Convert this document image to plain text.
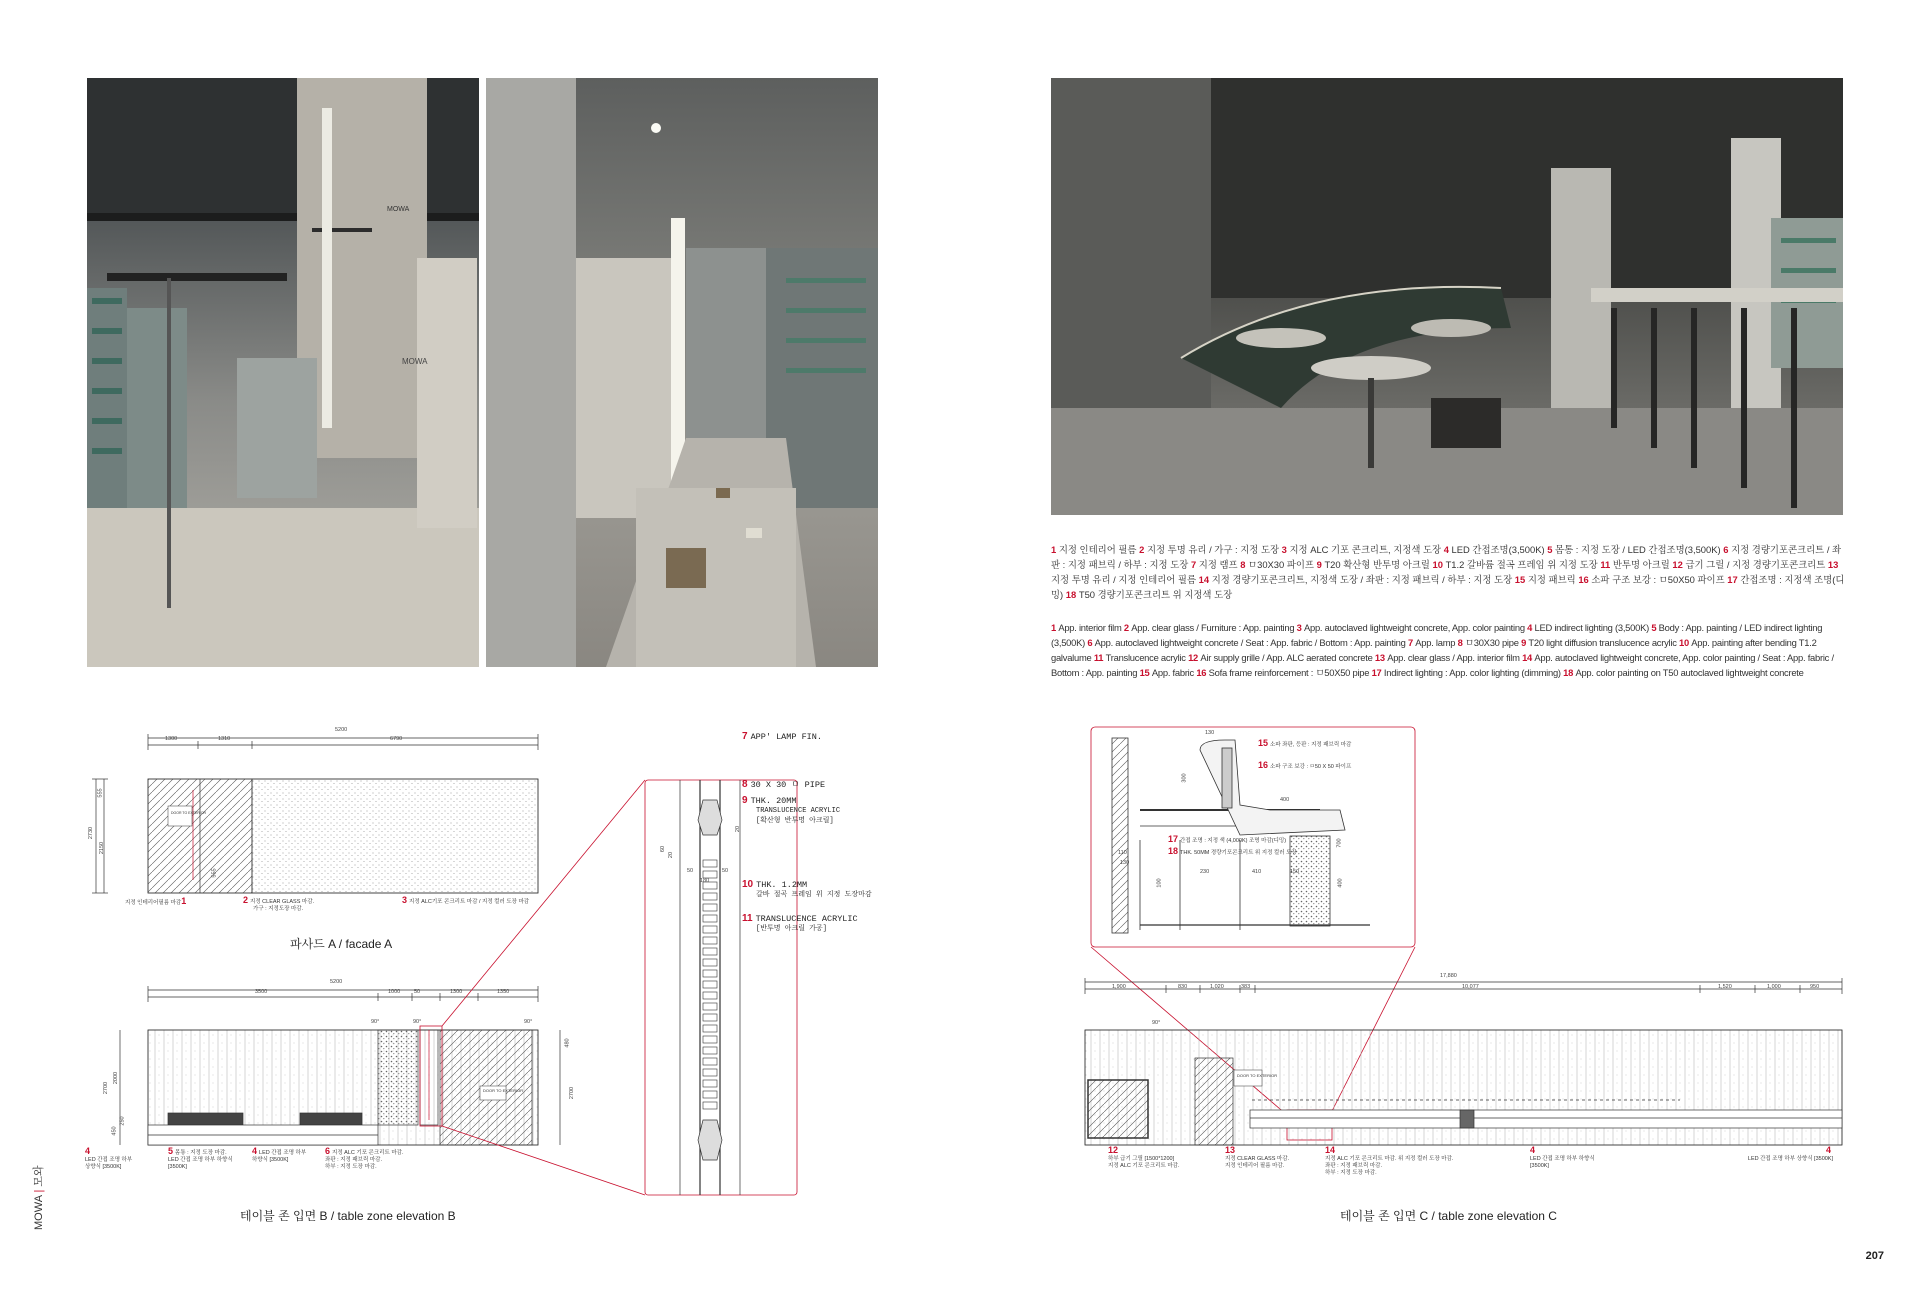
MOWA
MOWA

1 지정 인테리어 필름 2 지정 투명 유리 / 가구 : 지정 도장 3 지정 ALC 기포 콘크리트, 지정색 도장 4 LED 간접조명(3,500K) 5 몸통 : 지정 도장 / LED 간접조명(3,500K) 6 지정 경량기포콘크리트 / 좌판 : 지정 패브릭 / 하부 : 지정 도장 7 지정 램프 8 ㅁ30X30 파이프 9 T20 확산형 반투명 아크릴 10 T1.2 갈바륨 절곡 프레임 위 지정 도장 11 반투명 아크릴 12 급기 그릴 / 지정 경량기포콘크리트 13 지정 투명 유리 / 지정 인테리어 필름 14 지정 경량기포콘크리트, 지정색 도장 / 좌판 : 지정 패브릭 / 하부 : 지정 도장 15 지정 패브릭 16 소파 구조 보강 : ㅁ50X50 파이프 17 간접조명 : 지정색 조명(디밍) 18 T50 경량기포콘크리트 위 지정색 도장

1 App. interior film 2 App. clear glass / Furniture : App. painting 3 App. autoclaved lightweight concrete, App. color painting 4 LED indirect lighting (3,500K) 5 Body : App. painting / LED indirect lighting (3,500K) 6 App. autoclaved lightweight concrete / Seat : App. fabric / Bottom : App. painting 7 App. lamp 8 ㅁ30X30 pipe 9 T20 light diffusion translucence acrylic 10 App. painting after bending T1.2 galvalume 11 Translucence acrylic 12 Air supply grille / App. ALC aerated concrete 13 App. clear glass / App. interior film 14 App. autoclaved lightweight concrete, App. color painting / Seat : App. fabric / Bottom : App. painting 15 App. fabric 16 Sofa frame reinforcement : ㅁ50X50 pipe 17 Indirect lighting : App. color lighting (dimming) 18 App. color painting on T50 autoclaved lightweight concrete

5200
1300	1310	6790
2730
2150
555
555
지정 인테리어필름 마감1	2 지정 CLEAR GLASS 마감.
가구 : 지정도장 마감.
3 지정 ALC기포 콘크리트 마감 / 지정 컬러 도장 마감
DOOR TO EXTERIOR
파사드 A / facade A
5200
3500	1000	50	1300	1350
2700
2000
450
250
480
2700
90°	90°	90°
DOOR TO EXTERIOR
4
LED 간접 조명 하부
상향식 [3500K]
5 몸통 : 지정 도장 마감.
LED 간접 조명 하부 하향식
[3500K]
4 LED 간접 조명 하부
하향식 [3500K]
6 지정 ALC 기포 콘크리트 마감.
좌판 : 지정 패브릭 마감.
하부 : 지정 도장 마감.
테이블 존 입면 B / table zone elevation B
7 APP' LAMP FIN.
8 30 X 30 ㅁ PIPE
9 THK. 20MM
TRANSLUCENCE ACRYLIC
[확산형 반투명 아크릴]
10 THK. 1.2MM
갈바 절곡 프레임 위 지정 도장마감
11 TRANSLUCENCE ACRYLIC
[반투명 아크릴 가공]
20
50	50
180
60
20
15 소파 좌판, 등판 : 지정 패브릭 마감
16 소파 구조 보강 : ㅁ50 X 50 파이프
17 간접 조명 : 지정 색 (4,000K) 조명 마감(디밍)
18 THK. 50MM 경량기포콘크리트 위 지정 컬러 도장
130
300
400
130
110
230	410	150
400
700
100
17,880
1,900	830	1,020	383	10,077	1,520	1,000	950
90°
DOOR TO EXTERIOR
12
하부 급기 그릴 [1500*1200]
지정 ALC 기포 콘크리트 마감.
13
지정 CLEAR GLASS 마감.
지정 인테리어 필름 마감.
14
지정 ALC 기포 콘크리트 마감. 위 지정 컬러 도장 마감.
좌판 : 지정 패브릭 마감.
하부 : 지정 도장 마감.
4
LED 간접 조명 하부 하향식
[3500K]
4
LED 간접 조명 하부 상향식 [3500K]
테이블 존 입면 C / table zone elevation C
MOWA | 모와
207
